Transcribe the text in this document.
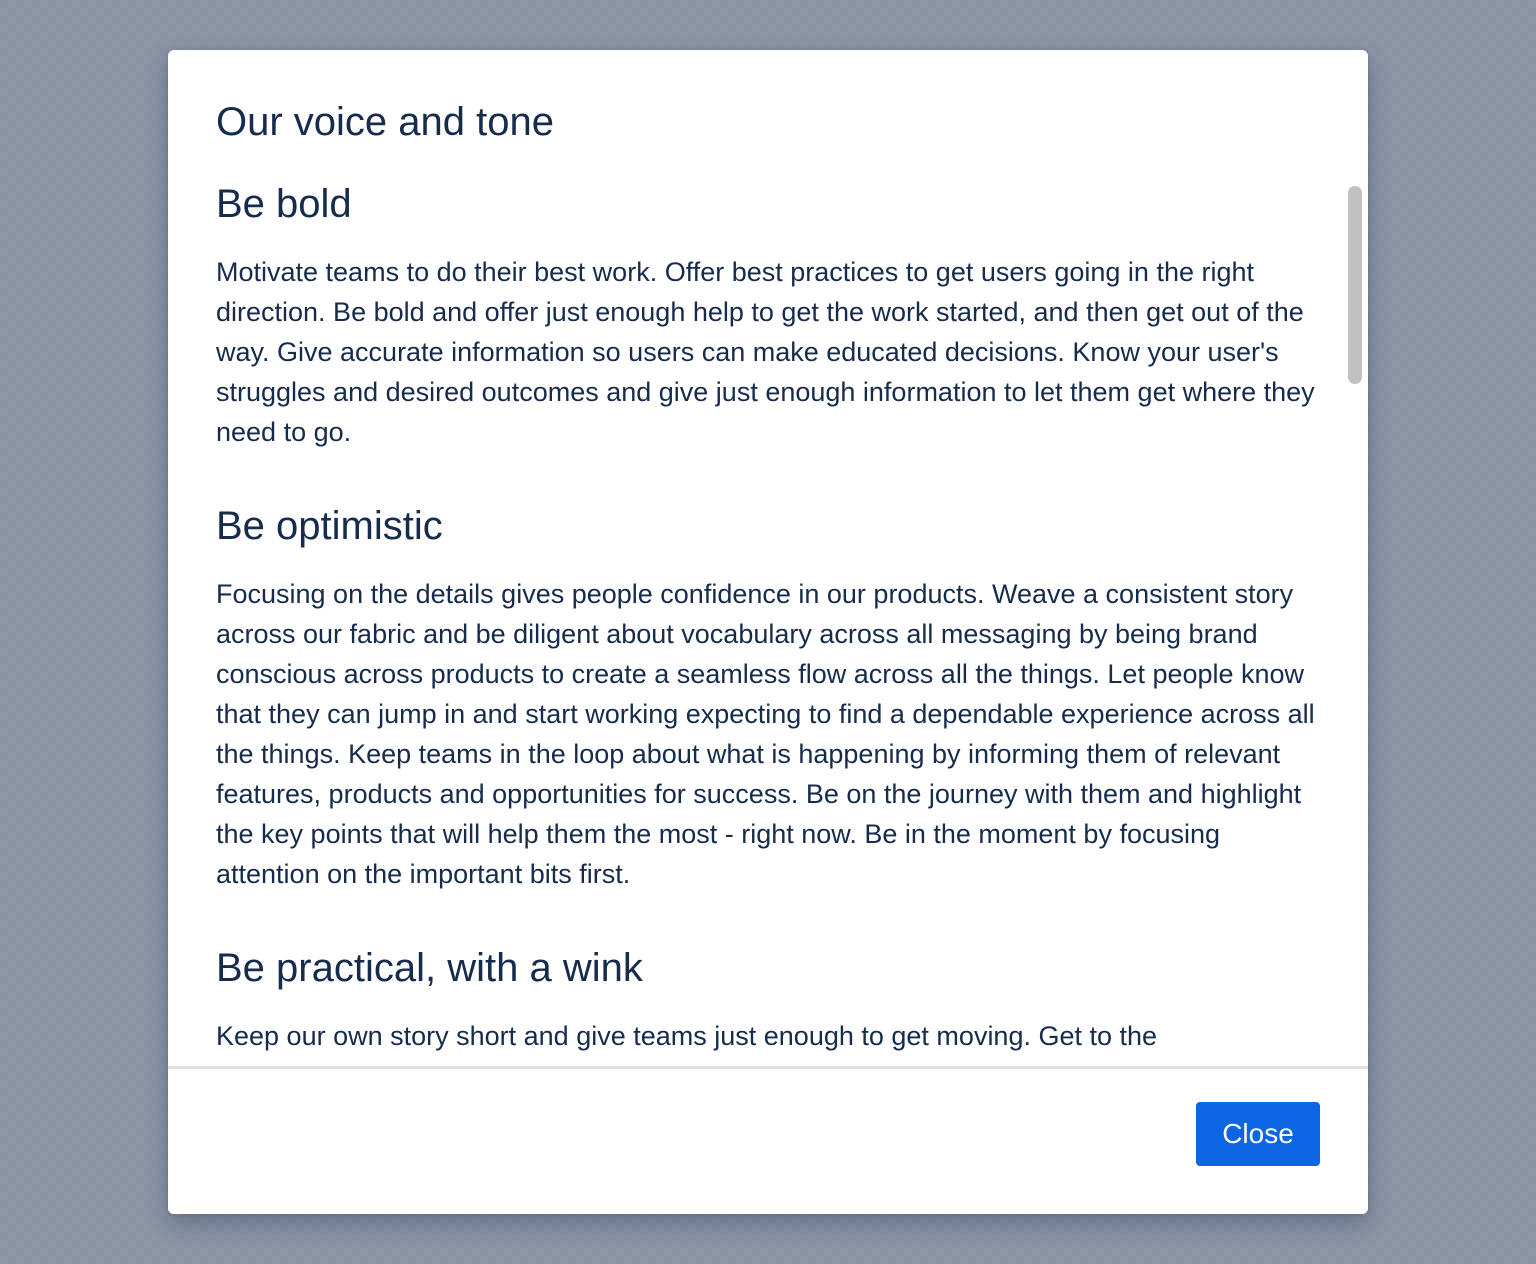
Our voice and tone
Be bold

Motivate teams to do their best work. Offer best practices to get users going in the right direction. Be bold and offer just enough help to get the work started, and then get out of the way. Give accurate information so users can make educated decisions. Know your user's struggles and desired outcomes and give just enough information to let them get where they need to go.

Be optimistic

Focusing on the details gives people confidence in our products. Weave a consistent story across our fabric and be diligent about vocabulary across all messaging by being brand conscious across products to create a seamless flow across all the things. Let people know that they can jump in and start working expecting to find a dependable experience across all the things. Keep teams in the loop about what is happening by informing them of relevant features, products and opportunities for success. Be on the journey with them and highlight the key points that will help them the most - right now. Be in the moment by focusing attention on the important bits first.

Be practical, with a wink

Keep our own story short and give teams just enough to get moving. Get to the

Close
